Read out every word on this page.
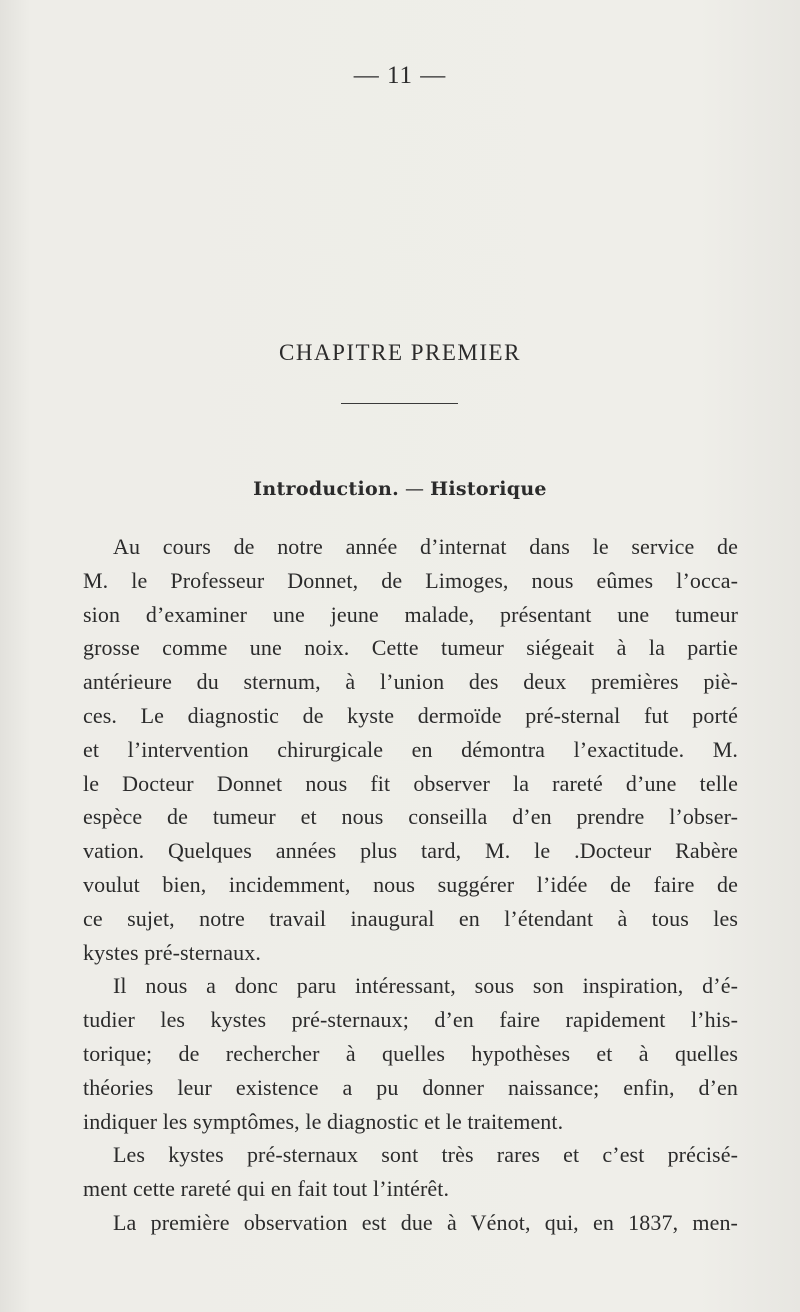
— 11 —
CHAPITRE PREMIER
Introduction. — Historique
Au cours de notre année d’internat dans le service de
M. le Professeur Donnet, de Limoges, nous eûmes l’occa-
sion d’examiner une jeune malade, présentant une tumeur
grosse comme une noix. Cette tumeur siégeait à la partie
antérieure du sternum, à l’union des deux premières piè-
ces. Le diagnostic de kyste dermoïde pré-sternal fut porté
et l’intervention chirurgicale en démontra l’exactitude. M.
le Docteur Donnet nous fit observer la rareté d’une telle
espèce de tumeur et nous conseilla d’en prendre l’obser-
vation. Quelques années plus tard, M. le .Docteur Rabère
voulut bien, incidemment, nous suggérer l’idée de faire de
ce sujet, notre travail inaugural en l’étendant à tous les
kystes pré-sternaux.
Il nous a donc paru intéressant, sous son inspiration, d’é-
tudier les kystes pré-sternaux; d’en faire rapidement l’his-
torique; de rechercher à quelles hypothèses et à quelles
théories leur existence a pu donner naissance; enfin, d’en
indiquer les symptômes, le diagnostic et le traitement.
Les kystes pré-sternaux sont très rares et c’est précisé-
ment cette rareté qui en fait tout l’intérêt.
La première observation est due à Vénot, qui, en 1837, men-
